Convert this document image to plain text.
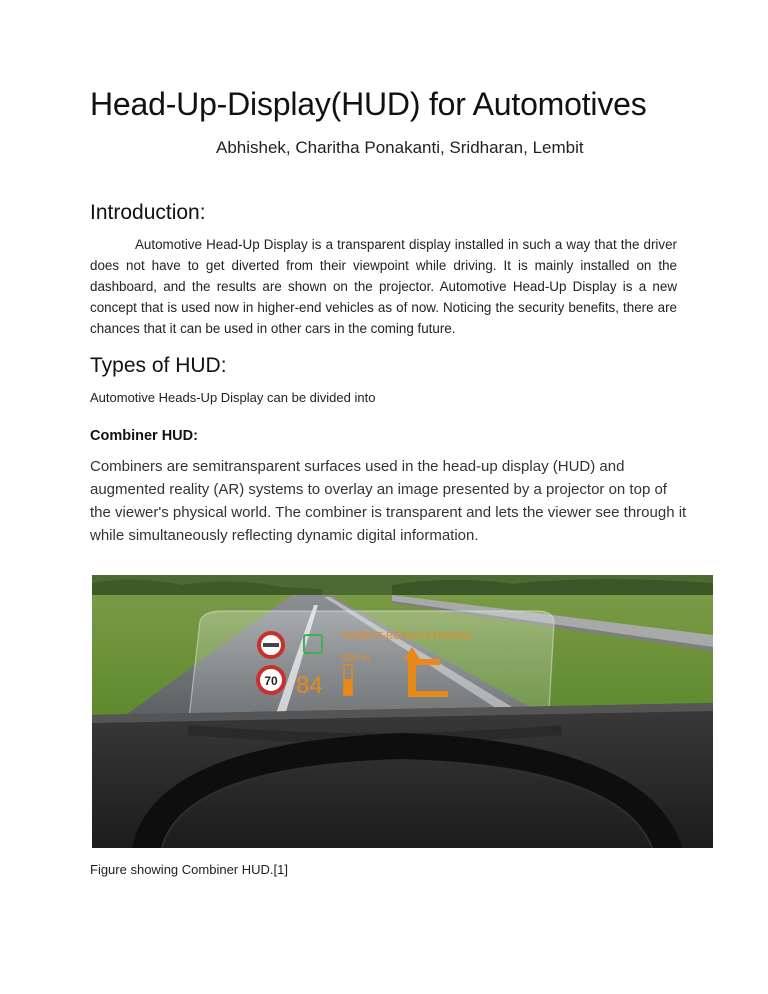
Head-Up-Display(HUD) for Automotives
Abhishek, Charitha Ponakanti, Sridharan, Lembit
Introduction:

Automotive Head-Up Display is a transparent display installed in such a way that the driver does not have to get diverted from their viewpoint while driving. It is mainly installed on the dashboard, and the results are shown on the projector. Automotive Head-Up Display is a new concept that is used now in higher-end vehicles as of now. Noticing the security benefits, there are chances that it can be used in other cars in the coming future.

Types of HUD:

Automotive Heads-Up Display can be divided into

Combiner HUD:

Combiners are semitransparent surfaces used in the head-up display (HUD) and augmented reality (AR) systems to overlay an image presented by a projector on top of the viewer's physical world. The combiner is transparent and lets the viewer see through it while simultaneously reflecting dynamic digital information.

ROBERT-BOSCH-STRASSE
500 m
84
70

Figure showing Combiner HUD.[1]
